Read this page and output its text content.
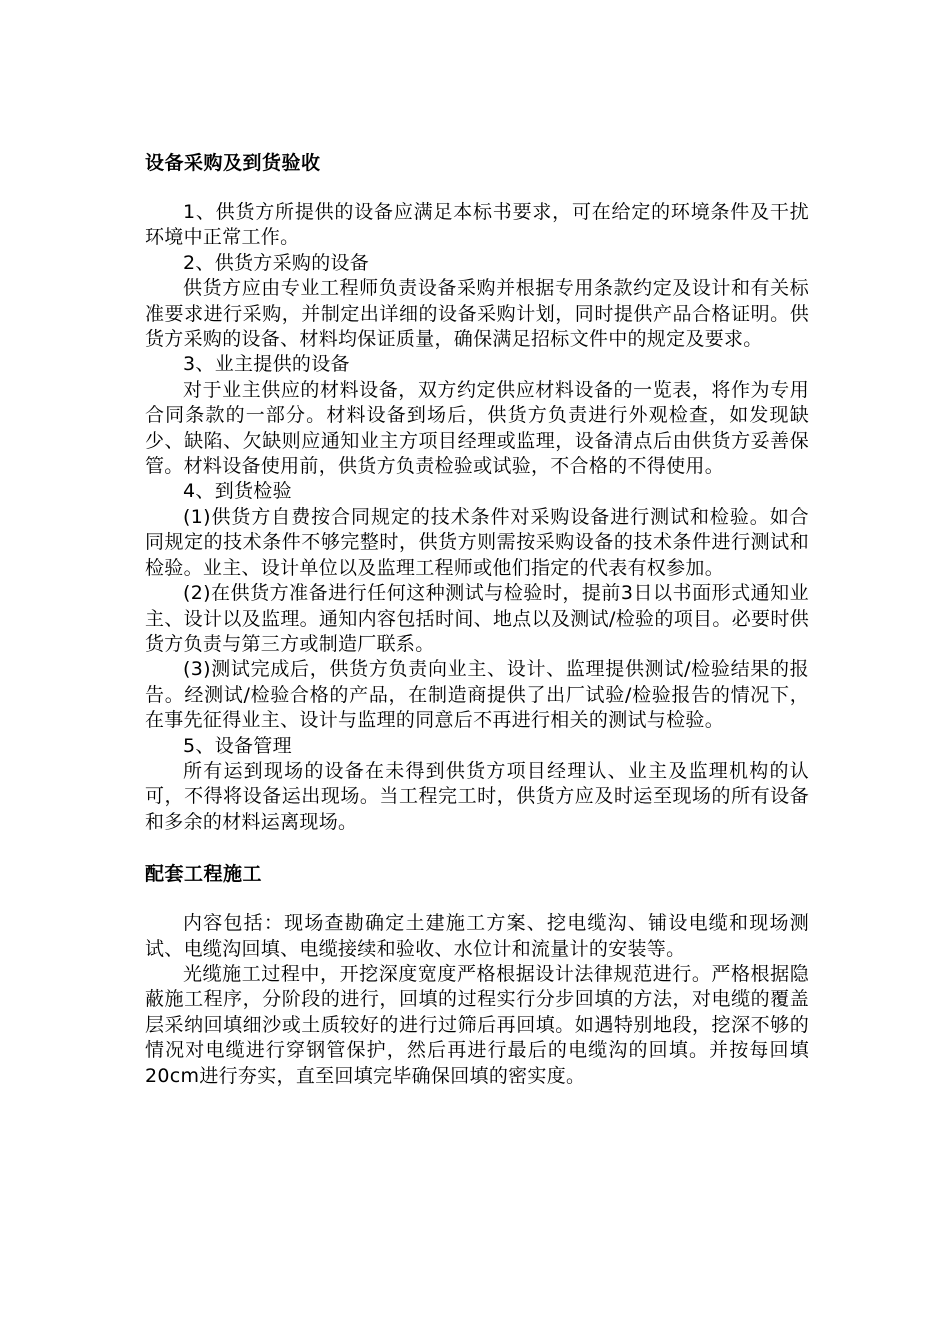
设备采购及到货验收

1、供货方所提供的设备应满足本标书要求，可在给定的环境条件及干扰环境中正常工作。

2、供货方采购的设备

供货方应由专业工程师负责设备采购并根据专用条款约定及设计和有关标准要求进行采购，并制定出详细的设备采购计划，同时提供产品合格证明。供货方采购的设备、材料均保证质量，确保满足招标文件中的规定及要求。

3、业主提供的设备

对于业主供应的材料设备，双方约定供应材料设备的一览表，将作为专用合同条款的一部分。材料设备到场后，供货方负责进行外观检查，如发现缺少、缺陷、欠缺则应通知业主方项目经理或监理，设备清点后由供货方妥善保管。材料设备使用前，供货方负责检验或试验，不合格的不得使用。

4、到货检验

(1)供货方自费按合同规定的技术条件对采购设备进行测试和检验。如合同规定的技术条件不够完整时，供货方则需按采购设备的技术条件进行测试和检验。业主、设计单位以及监理工程师或他们指定的代表有权参加。

(2)在供货方准备进行任何这种测试与检验时，提前3日以书面形式通知业主、设计以及监理。通知内容包括时间、地点以及测试/检验的项目。必要时供货方负责与第三方或制造厂联系。

(3)测试完成后，供货方负责向业主、设计、监理提供测试/检验结果的报告。经测试/检验合格的产品，在制造商提供了出厂试验/检验报告的情况下，在事先征得业主、设计与监理的同意后不再进行相关的测试与检验。

5、设备管理

所有运到现场的设备在未得到供货方项目经理认、业主及监理机构的认可，不得将设备运出现场。当工程完工时，供货方应及时运至现场的所有设备和多余的材料运离现场。

配套工程施工

内容包括：现场查勘确定土建施工方案、挖电缆沟、铺设电缆和现场测试、电缆沟回填、电缆接续和验收、水位计和流量计的安装等。

光缆施工过程中，开挖深度宽度严格根据设计法律规范进行。严格根据隐蔽施工程序，分阶段的进行，回填的过程实行分步回填的方法，对电缆的覆盖层采纳回填细沙或土质较好的进行过筛后再回填。如遇特别地段，挖深不够的情况对电缆进行穿钢管保护，然后再进行最后的电缆沟的回填。并按每回填20cm进行夯实，直至回填完毕确保回填的密实度。
